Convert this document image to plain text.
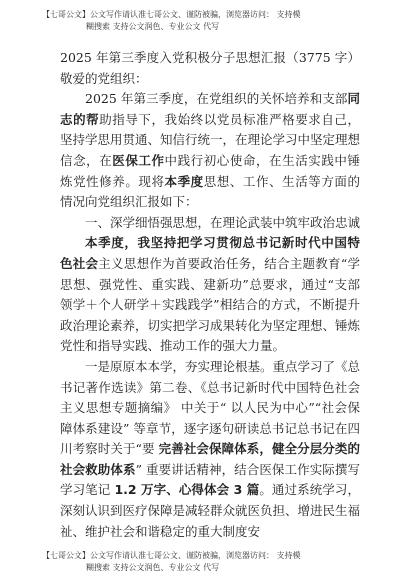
【七哥公文】公文写作请认准七哥公文、谨防被骗，浏览器访问： 支持模
糊搜索 支持公文润色、专业公文 代写

2025 年第三季度入党积极分子思想汇报（3775 字） 敬爱的党组织：

2025 年第三季度，在党组织的关怀培养和支部同志的帮助指导下，我始终以党员标准严格要求自己，坚持学思用贯通、知信行统一，在理论学习中坚定理想信念，在医保工作中践行初心使命，在生活实践中锤炼党性修养。现将本季度思想、工作、生活等方面的情况向党组织汇报如下：

一、深学细悟强思想，在理论武装中筑牢政治忠诚

本季度，我坚持把学习贯彻总书记新时代中国特色社会主义思想作为首要政治任务，结合主题教育“学思想、强党性、重实践、建新功”总要求，通过“支部领学＋个人研学＋实践践学”相结合的方式，不断提升政治理论素养，切实把学习成果转化为坚定理想、锤炼党性和指导实践、推动工作的强大力量。

一是原原本本学，夯实理论根基。重点学习了《总书记著作选读》第二卷、《总书记新时代中国特色社会主义思想专题摘编》 中关于“ 以人民为中心”“社会保障体系建设” 等章节，逐字逐句研读总书记总书记在四川考察时关于“要 完善社会保障体系，健全分层分类的社会救助体系” 重要讲话精神，结合医保工作实际撰写学习笔记 1.2 万字、心得体会 3 篇。通过系统学习，深刻认识到医疗保障是减轻群众就医负担、增进民生福祉、维护社会和谐稳定的重大制度安

【七哥公文】公文写作请认准七哥公文、谨防被骗，浏览器访问： 支持模
糊搜索 支持公文润色、专业公文 代写
